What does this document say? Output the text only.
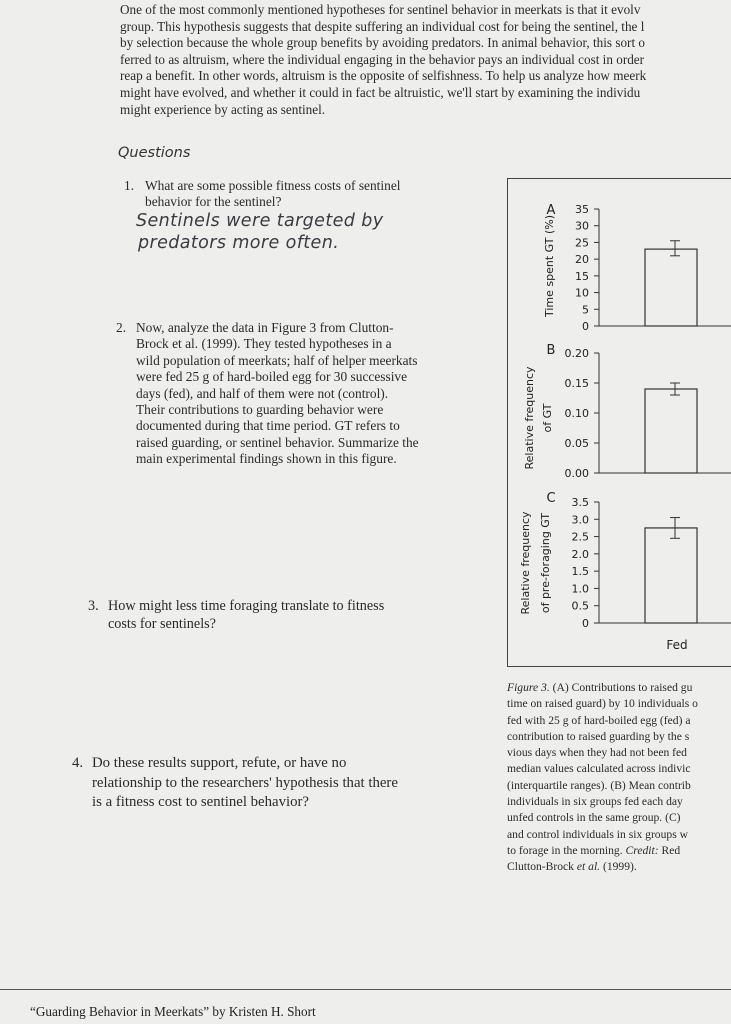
One of the most commonly mentioned hypotheses for sentinel behavior in meerkats is that it evolv
group. This hypothesis suggests that despite suffering an individual cost for being the sentinel, the l
by selection because the whole group benefits by avoiding predators. In animal behavior, this sort o
ferred to as altruism, where the individual engaging in the behavior pays an individual cost in order
reap a benefit. In other words, altruism is the opposite of selfishness. To help us analyze how meerk
might have evolved, and whether it could in fact be altruistic, we'll start by examining the individu
might experience by acting as sentinel.
Questions
1. What are some possible fitness costs of sentinel
behavior for the sentinel?
Sentinels were targeted by
predators more often.
2. Now, analyze the data in Figure 3 from Clutton-
Brock et al. (1999). They tested hypotheses in a
wild population of meerkats; half of helper meerkats
were fed 25 g of hard-boiled egg for 30 successive
days (fed), and half of them were not (control).
Their contributions to guarding behavior were
documented during that time period. GT refers to
raised guarding, or sentinel behavior. Summarize the
main experimental findings shown in this figure.
3. How might less time foraging translate to fitness
costs for sentinels?
4. Do these results support, refute, or have no
relationship to the researchers' hypothesis that there
is a fitness cost to sentinel behavior?
A
Time spent GT (%)
35
30
25
20
15
10
5
0
B
Relative frequency of GT
0.20
0.15
0.10
0.05
0.00
C
Relative frequency of pre-foraging GT
3.5
3.0
2.5
2.0
1.5
1.0
0.5
0
Fed
Figure 3. (A) Contributions to raised gu
time on raised guard) by 10 individuals o
fed with 25 g of hard-boiled egg (fed) a
contribution to raised guarding by the s
vious days when they had not been fed
median values calculated across indivic
(interquartile ranges). (B) Mean contrib
individuals in six groups fed each day
unfed controls in the same group. (C)
and control individuals in six groups w
to forage in the morning. Credit: Red
Clutton-Brock et al. (1999).
“Guarding Behavior in Meerkats” by Kristen H. Short
